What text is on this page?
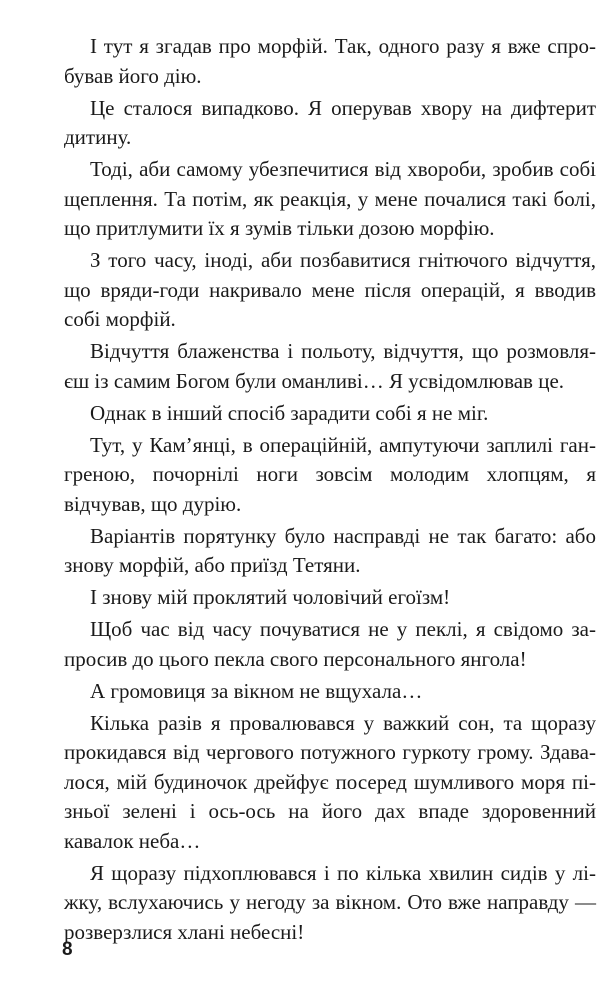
І тут я згадав про морфій. Так, одного разу я вже спробував його дію.

Це сталося випадково. Я оперував хвору на дифтерит дитину.

Тоді, аби самому убезпечитися від хвороби, зробив собі щеплення. Та потім, як реакція, у мене почалися такі болі, що притлумити їх я зумів тільки дозою морфію.

З того часу, іноді, аби позбавитися гнітючого відчуття, що вряди-годи накривало мене після операцій, я вводив собі морфій.

Відчуття блаженства і польоту, відчуття, що розмовляєш із самим Богом були оманливі… Я усвідомлював це.

Однак в інший спосіб зарадити собі я не міг.

Тут, у Кам’янці, в операційній, ампутуючи заплилі гангреною, почорнілі ноги зовсім молодим хлопцям, я відчував, що дурію.

Варіантів порятунку було насправді не так багато: або знову морфій, або приїзд Тетяни.

І знову мій проклятий чоловічий егоїзм!

Щоб час від часу почуватися не у пеклі, я свідомо запросив до цього пекла свого персонального янгола!

А громовиця за вікном не вщухала…

Кілька разів я провалювався у важкий сон, та щоразу прокидався від чергового потужного гуркоту грому. Здавалося, мій будиночок дрейфує посеред шумливого моря пізньої зелені і ось-ось на його дах впаде здоровенний кавалок неба…

Я щоразу підхоплювався і по кілька хвилин сидів у ліжку, вслухаючись у негоду за вікном. Ото вже направду — розверзлися хлані небесні!

8
